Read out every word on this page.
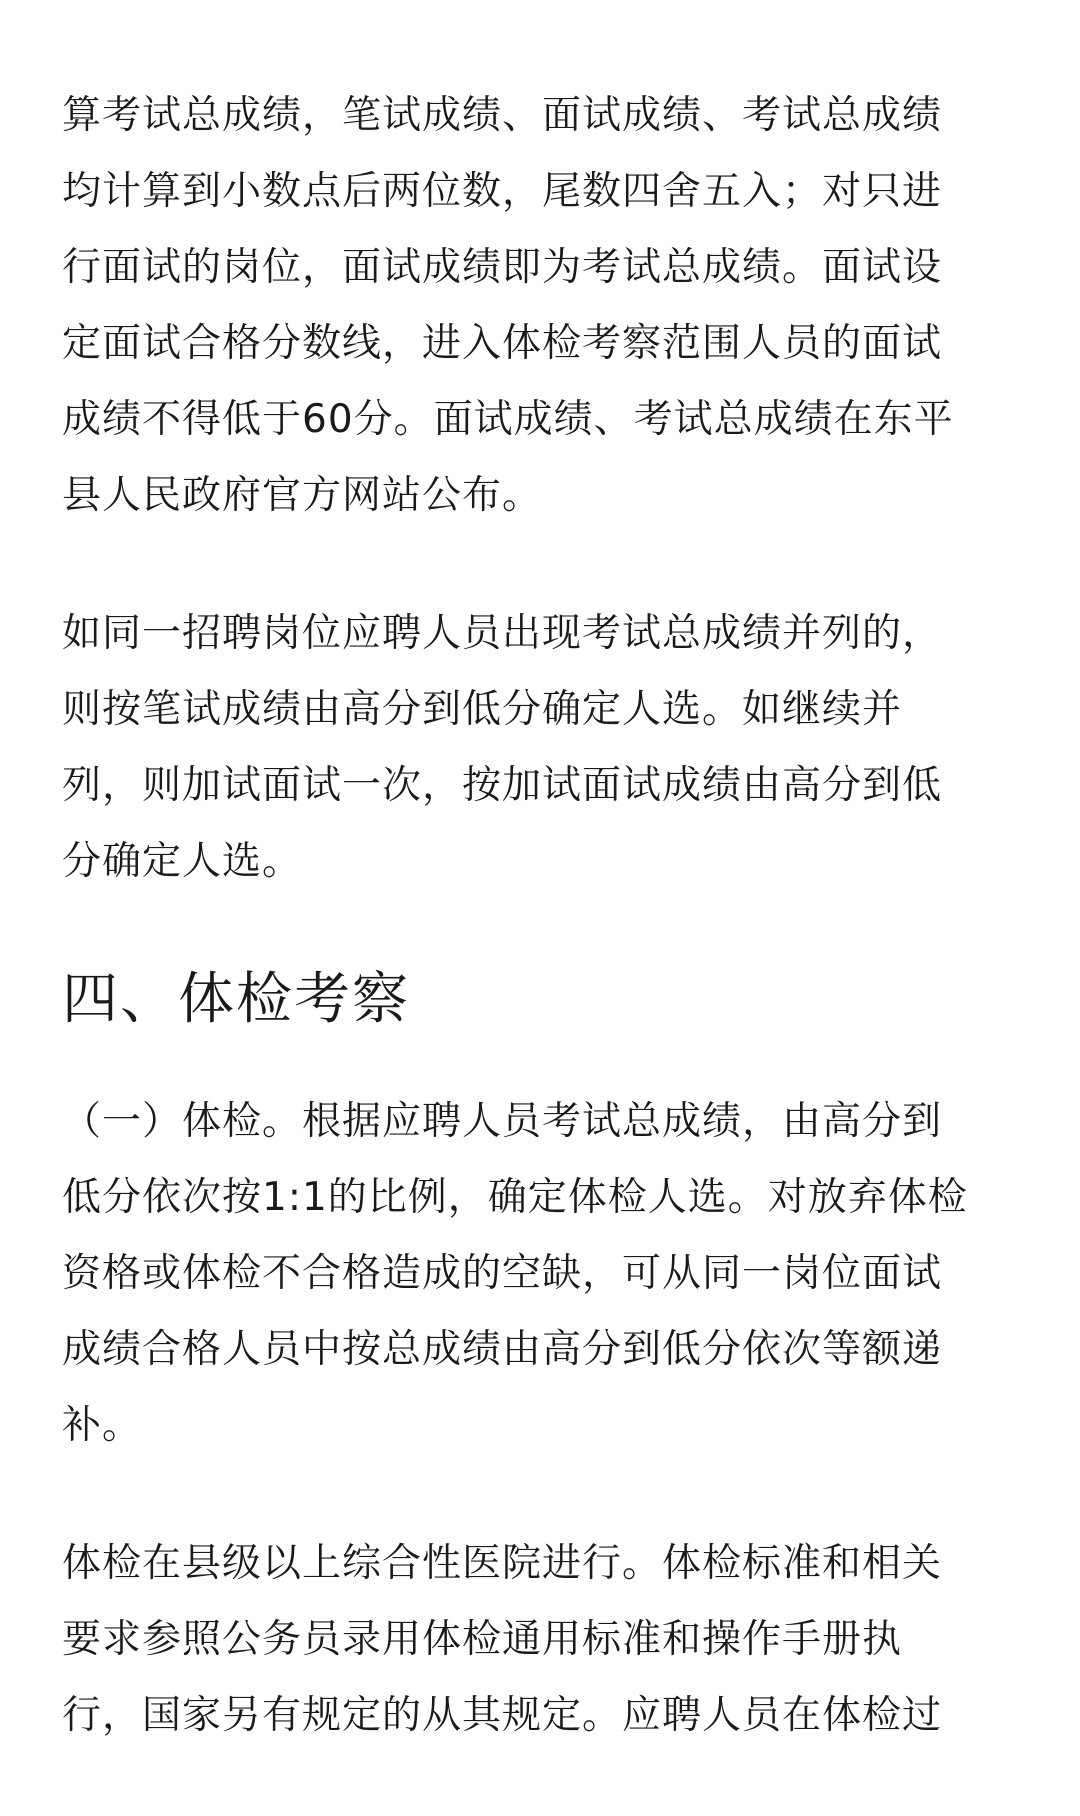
算考试总成绩，笔试成绩、面试成绩、考试总成绩
均计算到小数点后两位数，尾数四舍五入；对只进
行面试的岗位，面试成绩即为考试总成绩。面试设
定面试合格分数线，进入体检考察范围人员的面试
成绩不得低于60分。面试成绩、考试总成绩在东平
县人民政府官方网站公布。

如同一招聘岗位应聘人员出现考试总成绩并列的，
则按笔试成绩由高分到低分确定人选。如继续并
列，则加试面试一次，按加试面试成绩由高分到低
分确定人选。

四、体检考察

（一）体检。根据应聘人员考试总成绩，由高分到
低分依次按1:1的比例，确定体检人选。对放弃体检
资格或体检不合格造成的空缺，可从同一岗位面试
成绩合格人员中按总成绩由高分到低分依次等额递
补。

体检在县级以上综合性医院进行。体检标准和相关
要求参照公务员录用体检通用标准和操作手册执
行，国家另有规定的从其规定。应聘人员在体检过
